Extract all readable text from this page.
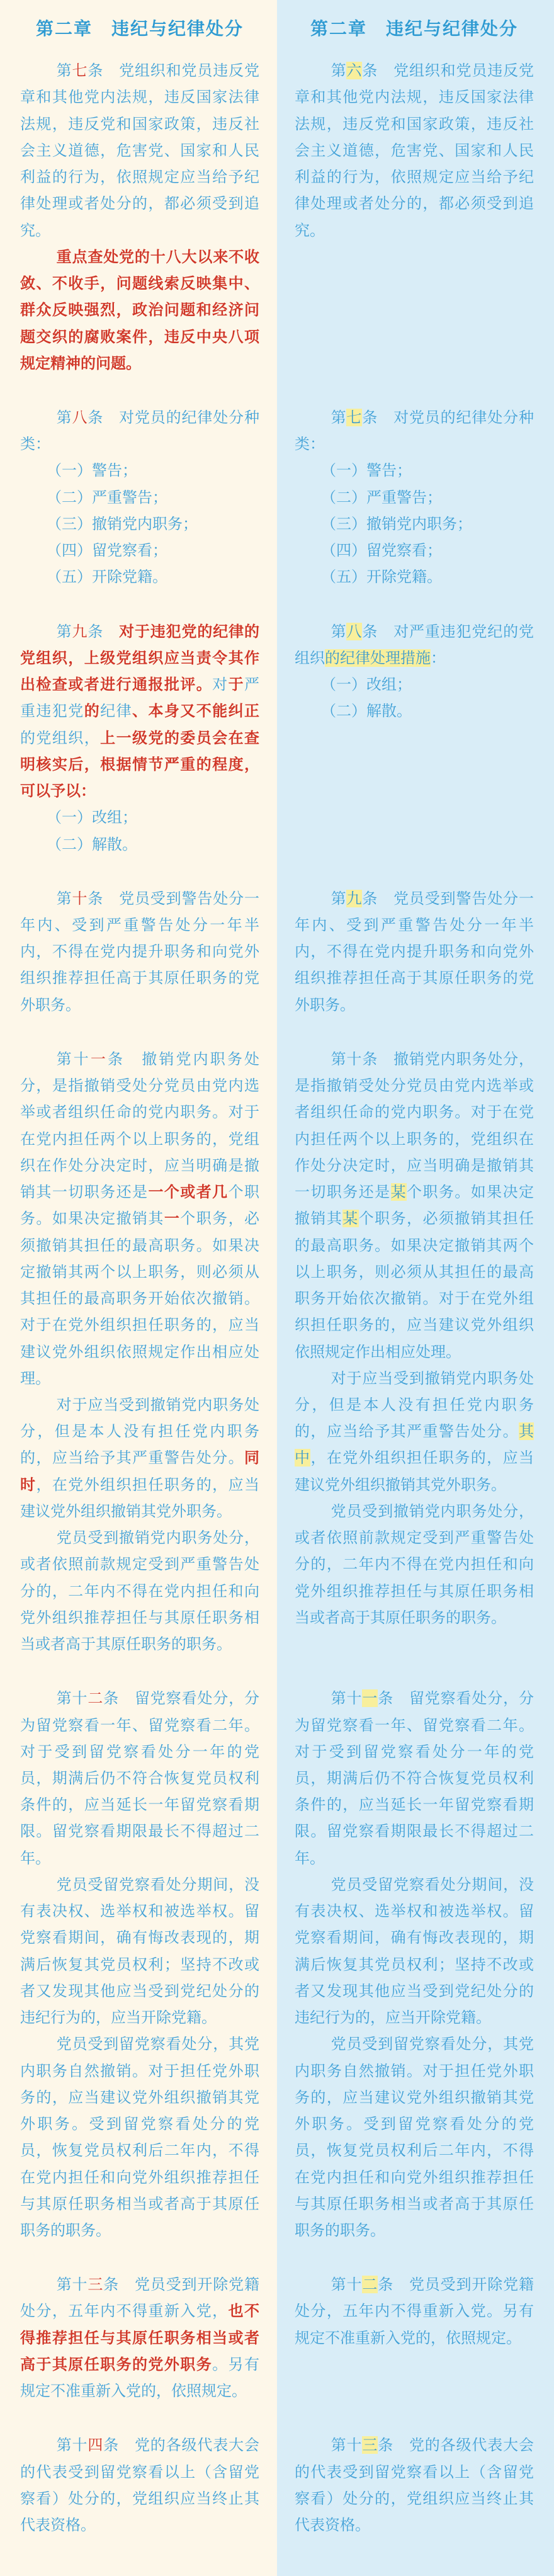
第二章　违纪与纪律处分	第二章　违纪与纪律处分

第七条　党组织和党员违反党章和其他党内法规，违反国家法律法规，违反党和国家政策，违反社会主义道德，危害党、国家和人民利益的行为，依照规定应当给予纪律处理或者处分的，都必须受到追究。

重点查处党的十八大以来不收敛、不收手，问题线索反映集中、群众反映强烈，政治问题和经济问题交织的腐败案件，违反中央八项规定精神的问题。

第六条　党组织和党员违反党章和其他党内法规，违反国家法律法规，违反党和国家政策，违反社会主义道德，危害党、国家和人民利益的行为，依照规定应当给予纪律处理或者处分的，都必须受到追究。

第八条　对党员的纪律处分种类：

（一）警告；

（二）严重警告；

（三）撤销党内职务；

（四）留党察看；

（五）开除党籍。

第七条　对党员的纪律处分种类：

（一）警告；

（二）严重警告；

（三）撤销党内职务；

（四）留党察看；

（五）开除党籍。

第九条　对于违犯党的纪律的党组织，上级党组织应当责令其作出检查或者进行通报批评。对于严重违犯党的纪律、本身又不能纠正的党组织，上一级党的委员会在查明核实后，根据情节严重的程度，可以予以：

（一）改组；

（二）解散。

第八条　对严重违犯党纪的党组织的纪律处理措施：

（一）改组；

（二）解散。

第十条　党员受到警告处分一年内、受到严重警告处分一年半内，不得在党内提升职务和向党外组织推荐担任高于其原任职务的党外职务。

第九条　党员受到警告处分一年内、受到严重警告处分一年半内，不得在党内提升职务和向党外组织推荐担任高于其原任职务的党外职务。

第十一条　撤销党内职务处分，是指撤销受处分党员由党内选举或者组织任命的党内职务。对于在党内担任两个以上职务的，党组织在作处分决定时，应当明确是撤销其一切职务还是一个或者几个职务。如果决定撤销其一个职务，必须撤销其担任的最高职务。如果决定撤销其两个以上职务，则必须从其担任的最高职务开始依次撤销。对于在党外组织担任职务的，应当建议党外组织依照规定作出相应处理。

对于应当受到撤销党内职务处分，但是本人没有担任党内职务的，应当给予其严重警告处分。同时，在党外组织担任职务的，应当建议党外组织撤销其党外职务。

党员受到撤销党内职务处分，或者依照前款规定受到严重警告处分的，二年内不得在党内担任和向党外组织推荐担任与其原任职务相当或者高于其原任职务的职务。

第十条　撤销党内职务处分，是指撤销受处分党员由党内选举或者组织任命的党内职务。对于在党内担任两个以上职务的，党组织在作处分决定时，应当明确是撤销其一切职务还是某个职务。如果决定撤销其某个职务，必须撤销其担任的最高职务。如果决定撤销其两个以上职务，则必须从其担任的最高职务开始依次撤销。对于在党外组织担任职务的，应当建议党外组织依照规定作出相应处理。

对于应当受到撤销党内职务处分，但是本人没有担任党内职务的，应当给予其严重警告处分。其中，在党外组织担任职务的，应当建议党外组织撤销其党外职务。

党员受到撤销党内职务处分，或者依照前款规定受到严重警告处分的，二年内不得在党内担任和向党外组织推荐担任与其原任职务相当或者高于其原任职务的职务。

第十二条　留党察看处分，分为留党察看一年、留党察看二年。对于受到留党察看处分一年的党员，期满后仍不符合恢复党员权利条件的，应当延长一年留党察看期限。留党察看期限最长不得超过二年。

党员受留党察看处分期间，没有表决权、选举权和被选举权。留党察看期间，确有悔改表现的，期满后恢复其党员权利；坚持不改或者又发现其他应当受到党纪处分的违纪行为的，应当开除党籍。

党员受到留党察看处分，其党内职务自然撤销。对于担任党外职务的，应当建议党外组织撤销其党外职务。受到留党察看处分的党员，恢复党员权利后二年内，不得在党内担任和向党外组织推荐担任与其原任职务相当或者高于其原任职务的职务。

第十一条　留党察看处分，分为留党察看一年、留党察看二年。对于受到留党察看处分一年的党员，期满后仍不符合恢复党员权利条件的，应当延长一年留党察看期限。留党察看期限最长不得超过二年。

党员受留党察看处分期间，没有表决权、选举权和被选举权。留党察看期间，确有悔改表现的，期满后恢复其党员权利；坚持不改或者又发现其他应当受到党纪处分的违纪行为的，应当开除党籍。

党员受到留党察看处分，其党内职务自然撤销。对于担任党外职务的，应当建议党外组织撤销其党外职务。受到留党察看处分的党员，恢复党员权利后二年内，不得在党内担任和向党外组织推荐担任与其原任职务相当或者高于其原任职务的职务。

第十三条　党员受到开除党籍处分，五年内不得重新入党，也不得推荐担任与其原任职务相当或者高于其原任职务的党外职务。另有规定不准重新入党的，依照规定。

第十二条　党员受到开除党籍处分，五年内不得重新入党。另有规定不准重新入党的，依照规定。

第十四条　党的各级代表大会的代表受到留党察看以上（含留党察看）处分的，党组织应当终止其代表资格。

第十三条　党的各级代表大会的代表受到留党察看以上（含留党察看）处分的，党组织应当终止其代表资格。
